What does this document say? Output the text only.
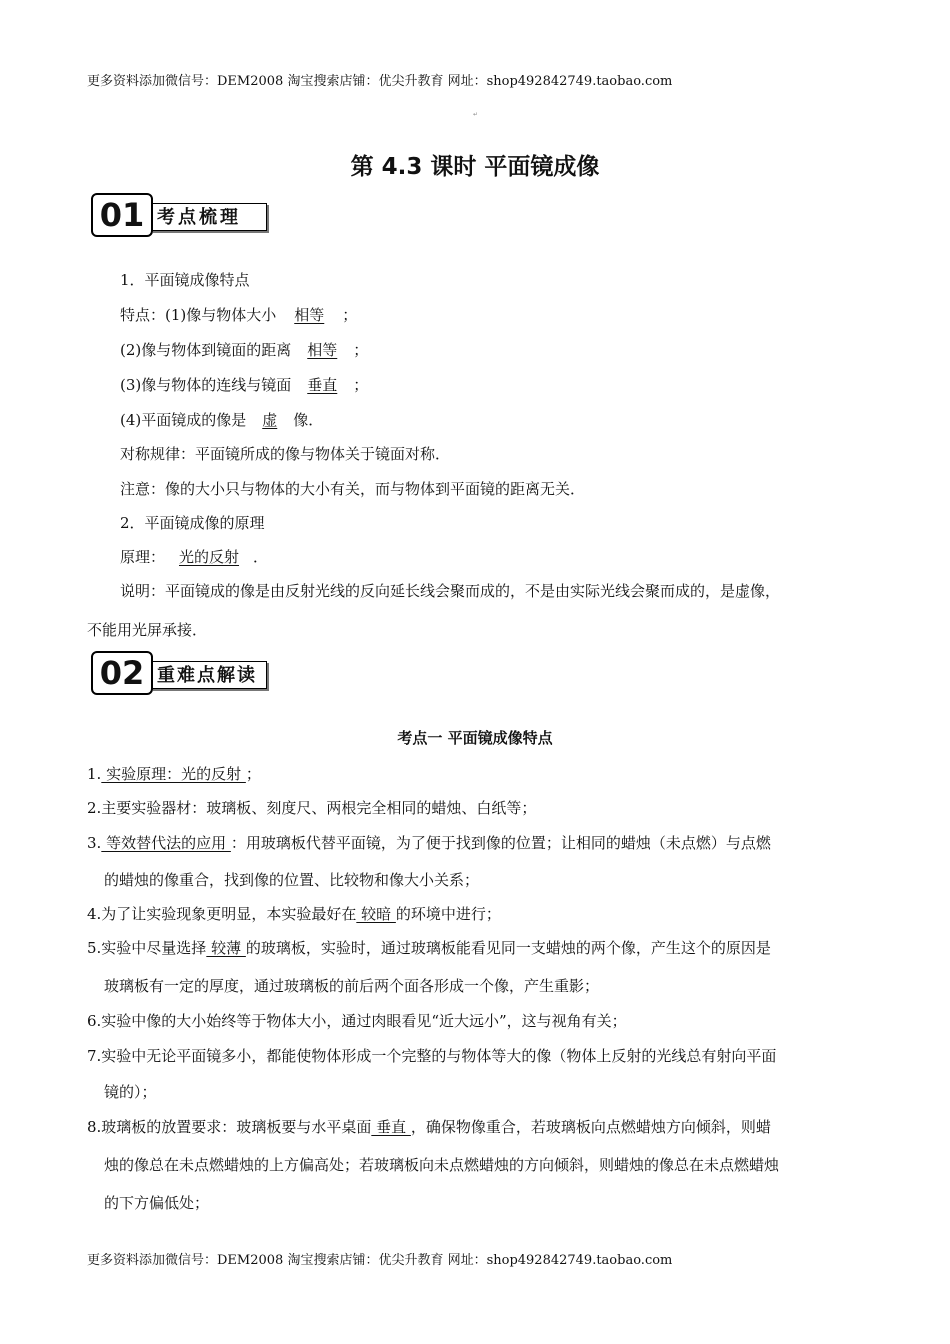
更多资料添加微信号：DEM2008 淘宝搜索店铺：优尖升教育 网址：shop492842749.taobao.com
↵
第 4.3 课时 平面镜成像
01 考点梳理
1．平面镜成像特点
特点：(1)像与物体大小 相等 ；
(2)像与物体到镜面的距离 相等 ；
(3)像与物体的连线与镜面 垂直 ；
(4)平面镜成的像是 虚 像．
对称规律：平面镜所成的像与物体关于镜面对称．
注意：像的大小只与物体的大小有关，而与物体到平面镜的距离无关．
2．平面镜成像的原理
原理： 光的反射 ．
说明：平面镜成的像是由反射光线的反向延长线会聚而成的，不是由实际光线会聚而成的，是虚像，
不能用光屏承接．
02 重难点解读
考点一 平面镜成像特点
1. 实验原理：光的反射 ；
2.主要实验器材：玻璃板、刻度尺、两根完全相同的蜡烛、白纸等；
3. 等效替代法的应用 ：用玻璃板代替平面镜，为了便于找到像的位置；让相同的蜡烛（未点燃）与点燃
的蜡烛的像重合，找到像的位置、比较物和像大小关系；
4.为了让实验现象更明显，本实验最好在 较暗 的环境中进行；
5.实验中尽量选择 较薄 的玻璃板，实验时，通过玻璃板能看见同一支蜡烛的两个像，产生这个的原因是
玻璃板有一定的厚度，通过玻璃板的前后两个面各形成一个像，产生重影；
6.实验中像的大小始终等于物体大小，通过肉眼看见“近大远小”，这与视角有关；
7.实验中无论平面镜多小，都能使物体形成一个完整的与物体等大的像（物体上反射的光线总有射向平面
镜的）；
8.玻璃板的放置要求：玻璃板要与水平桌面 垂直 ，确保物像重合，若玻璃板向点燃蜡烛方向倾斜，则蜡
烛的像总在未点燃蜡烛的上方偏高处；若玻璃板向未点燃蜡烛的方向倾斜，则蜡烛的像总在未点燃蜡烛
的下方偏低处；
更多资料添加微信号：DEM2008 淘宝搜索店铺：优尖升教育 网址：shop492842749.taobao.com
